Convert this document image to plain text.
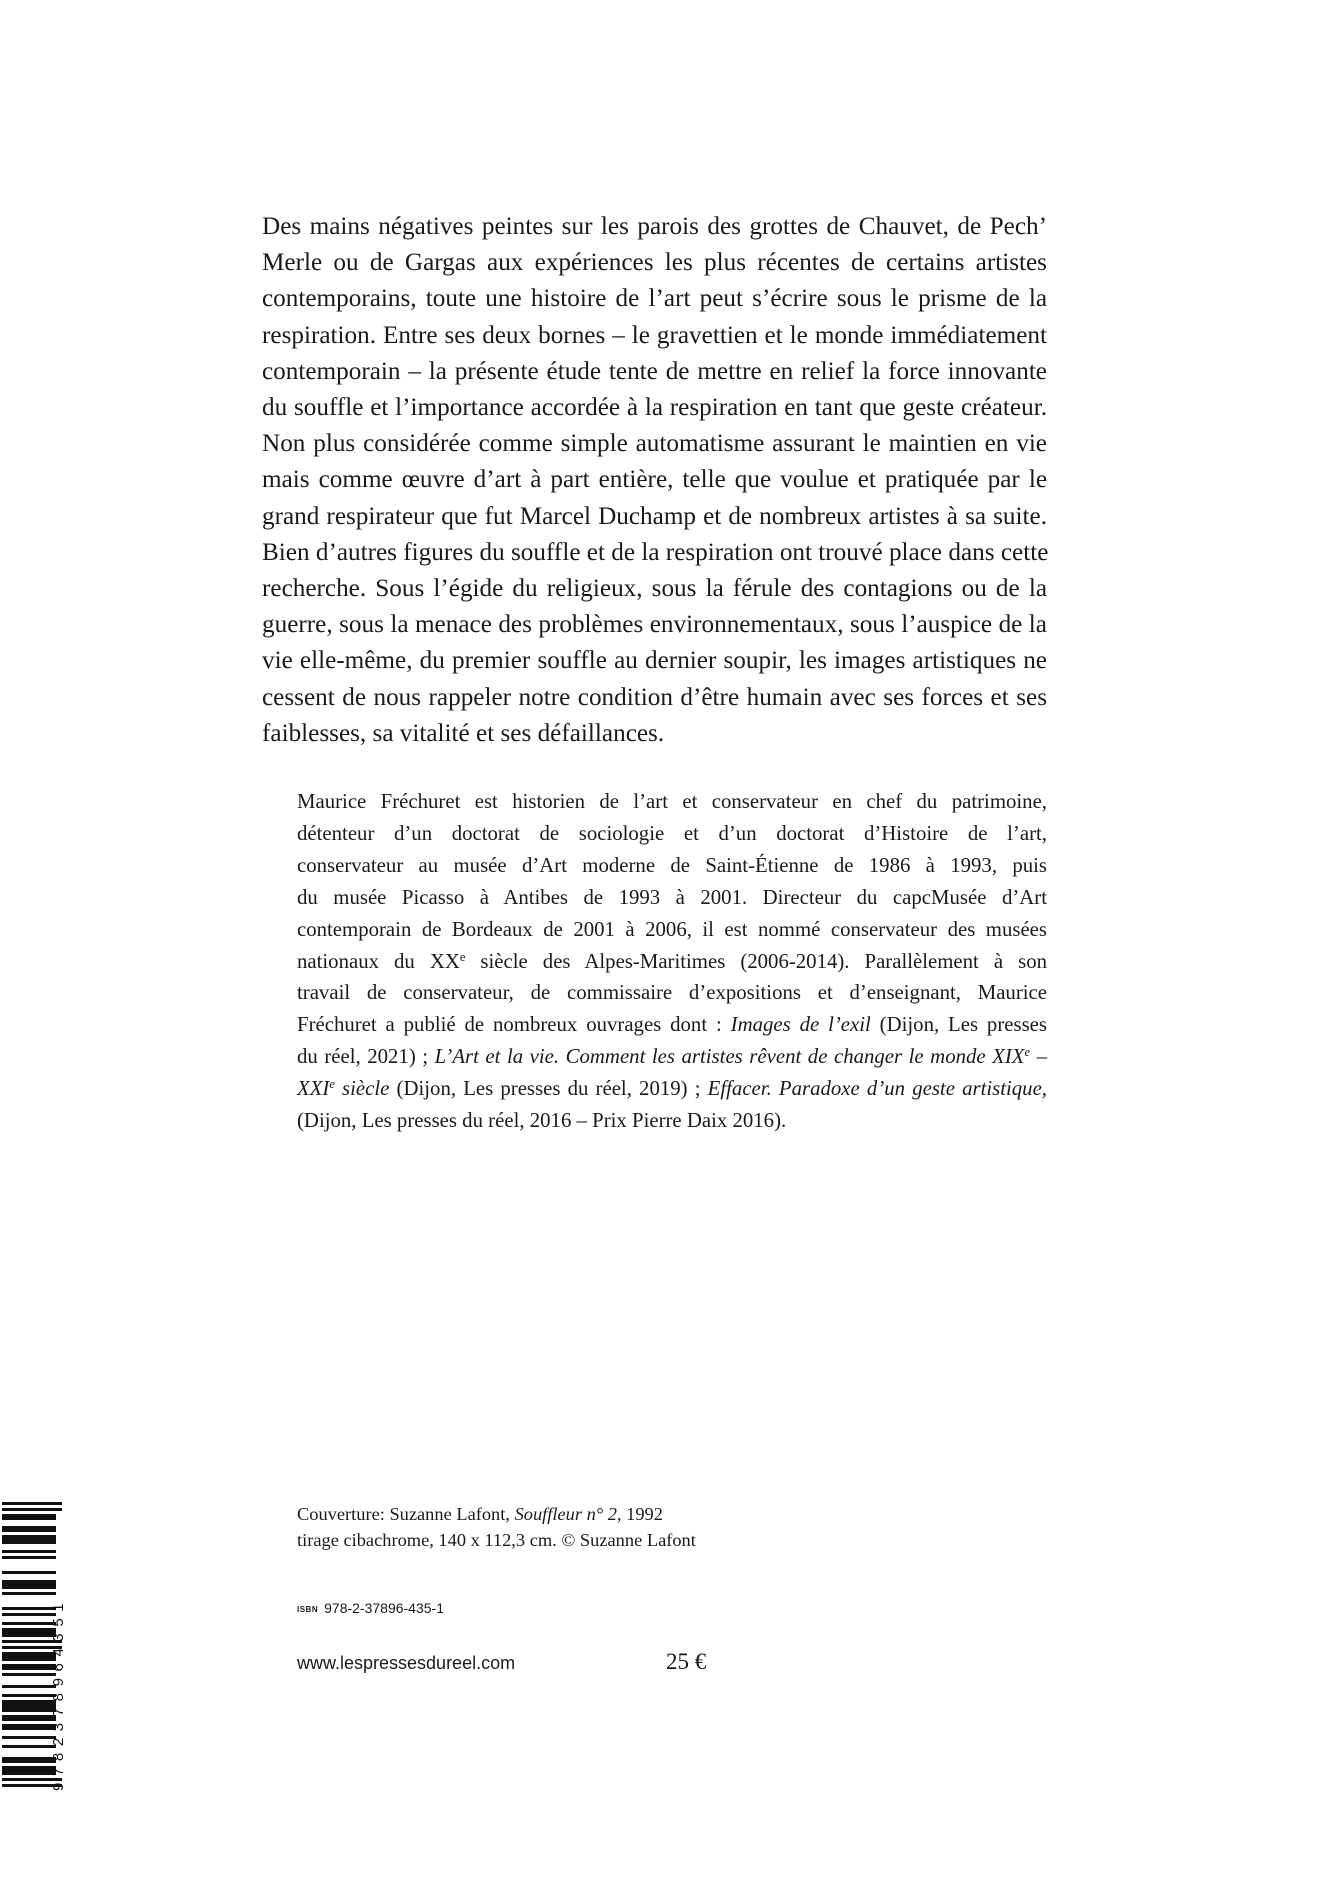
Des mains négatives peintes sur les parois des grottes de Chauvet, de Pech’
Merle ou de Gargas aux expériences les plus récentes de certains artistes
contemporains, toute une histoire de l’art peut s’écrire sous le prisme de la
respiration. Entre ses deux bornes – le gravettien et le monde immédiatement
contemporain – la présente étude tente de mettre en relief la force innovante
du souffle et l’importance accordée à la respiration en tant que geste créateur.
Non plus considérée comme simple automatisme assurant le maintien en vie
mais comme œuvre d’art à part entière, telle que voulue et pratiquée par le
grand respirateur que fut Marcel Duchamp et de nombreux artistes à sa suite.
Bien d’autres figures du souffle et de la respiration ont trouvé place dans cette
recherche. Sous l’égide du religieux, sous la férule des contagions ou de la
guerre, sous la menace des problèmes environnementaux, sous l’auspice de la
vie elle-même, du premier souffle au dernier soupir, les images artistiques ne
cessent de nous rappeler notre condition d’être humain avec ses forces et ses
faiblesses, sa vitalité et ses défaillances.
Maurice Fréchuret est historien de l’art et conservateur en chef du patrimoine,
détenteur d’un doctorat de sociologie et d’un doctorat d’Histoire de l’art,
conservateur au musée d’Art moderne de Saint-Étienne de 1986 à 1993, puis
du musée Picasso à Antibes de 1993 à 2001. Directeur du capcMusée d’Art
contemporain de Bordeaux de 2001 à 2006, il est nommé conservateur des musées
nationaux du XXe siècle des Alpes-Maritimes (2006-2014). Parallèlement à son
travail de conservateur, de commissaire d’expositions et d’enseignant, Maurice
Fréchuret a publié de nombreux ouvrages dont : Images de l’exil (Dijon, Les presses
du réel, 2021) ; L’Art et la vie. Comment les artistes rêvent de changer le monde XIXe –
XXIe siècle (Dijon, Les presses du réel, 2019) ; Effacer. Paradoxe d’un geste artistique,
(Dijon, Les presses du réel, 2016 – Prix Pierre Daix 2016).
Couverture: Suzanne Lafont, Souffleur n° 2, 1992
tirage cibachrome, 140 x 112,3 cm. © Suzanne Lafont
ISBN 978-2-37896-435-1
www.lespressesdureel.com	25 €
9782378964351
